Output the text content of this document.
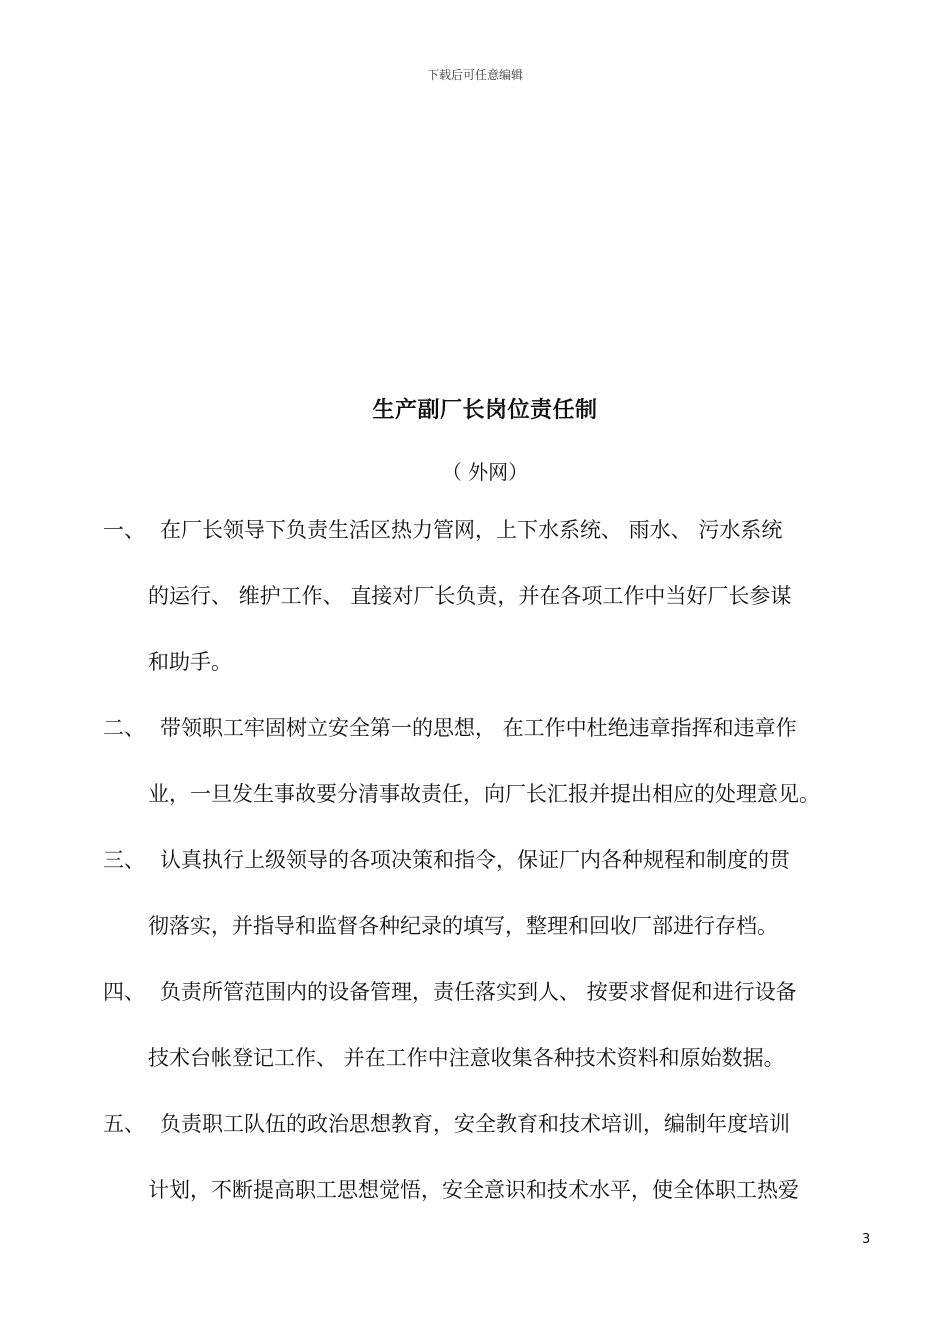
下载后可任意编辑
生产副厂长岗位责任制
（ 外网）
一、 在厂长领导下负责生活区热力管网，上下水系统、 雨水、 污水系统
的运行、 维护工作、 直接对厂长负责，并在各项工作中当好厂长参谋
和助手。
二、 带领职工牢固树立安全第一的思想， 在工作中杜绝违章指挥和违章作
业，一旦发生事故要分清事故责任，向厂长汇报并提出相应的处理意见。
三、 认真执行上级领导的各项决策和指令，保证厂内各种规程和制度的贯
彻落实，并指导和监督各种纪录的填写，整理和回收厂部进行存档。
四、 负责所管范围内的设备管理，责任落实到人、 按要求督促和进行设备
技术台帐登记工作、 并在工作中注意收集各种技术资料和原始数据。
五、 负责职工队伍的政治思想教育，安全教育和技术培训，编制年度培训
计划，不断提高职工思想觉悟，安全意识和技术水平，使全体职工热爱
3
